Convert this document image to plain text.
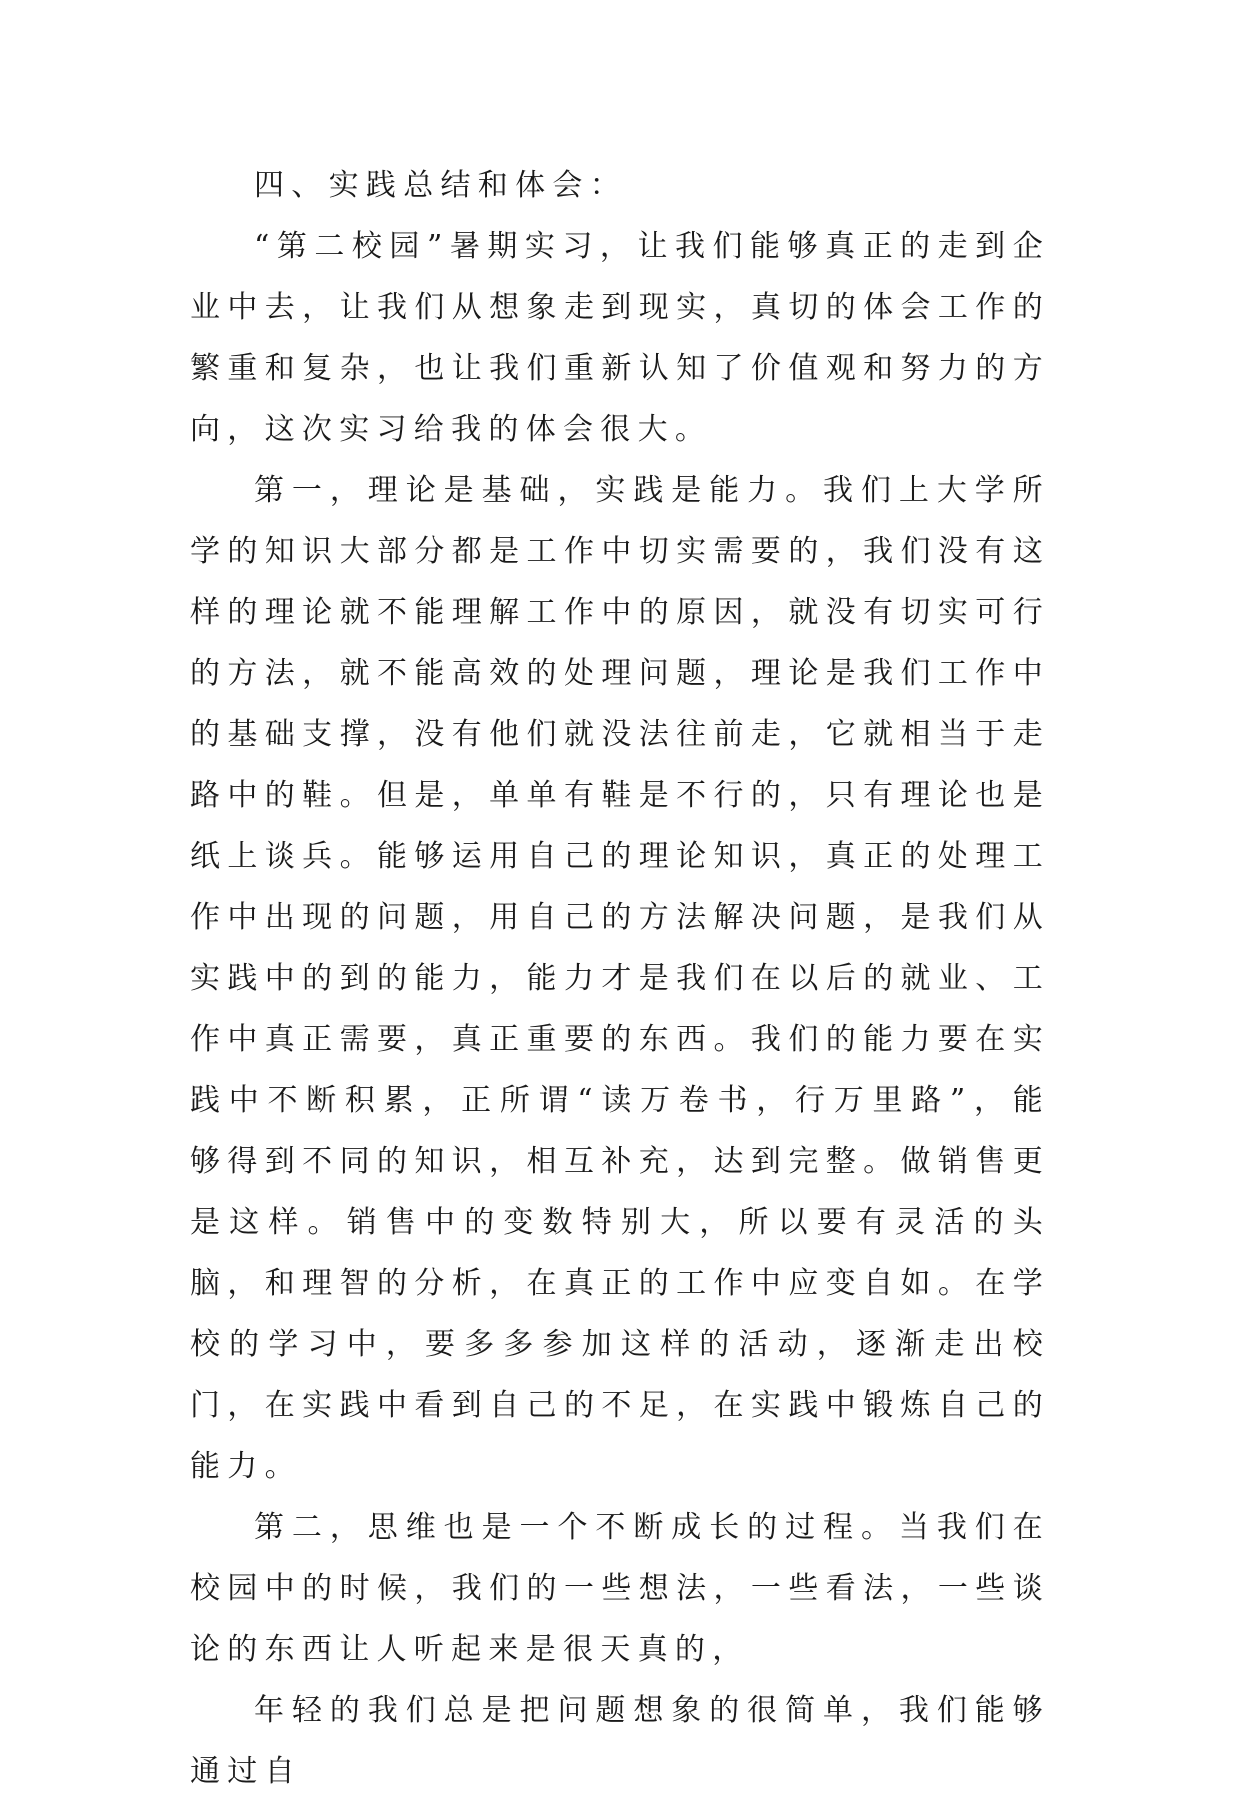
四、实践总结和体会：

“第二校园”暑期实习，让我们能够真正的走到企业中去，让我们从想象走到现实，真切的体会工作的繁重和复杂，也让我们重新认知了价值观和努力的方向，这次实习给我的体会很大。

第一，理论是基础，实践是能力。我们上大学所学的知识大部分都是工作中切实需要的，我们没有这样的理论就不能理解工作中的原因，就没有切实可行的方法，就不能高效的处理问题，理论是我们工作中的基础支撑，没有他们就没法往前走，它就相当于走路中的鞋。但是，单单有鞋是不行的，只有理论也是纸上谈兵。能够运用自己的理论知识，真正的处理工作中出现的问题，用自己的方法解决问题，是我们从实践中的到的能力，能力才是我们在以后的就业、工作中真正需要，真正重要的东西。我们的能力要在实践中不断积累，正所谓“读万卷书，行万里路”，能够得到不同的知识，相互补充，达到完整。做销售更是这样。销售中的变数特别大，所以要有灵活的头脑，和理智的分析，在真正的工作中应变自如。在学校的学习中，要多多参加这样的活动，逐渐走出校门，在实践中看到自己的不足，在实践中锻炼自己的能力。

第二，思维也是一个不断成长的过程。当我们在校园中的时候，我们的一些想法，一些看法，一些谈论的东西让人听起来是很天真的，

年轻的我们总是把问题想象的很简单，我们能够通过自
